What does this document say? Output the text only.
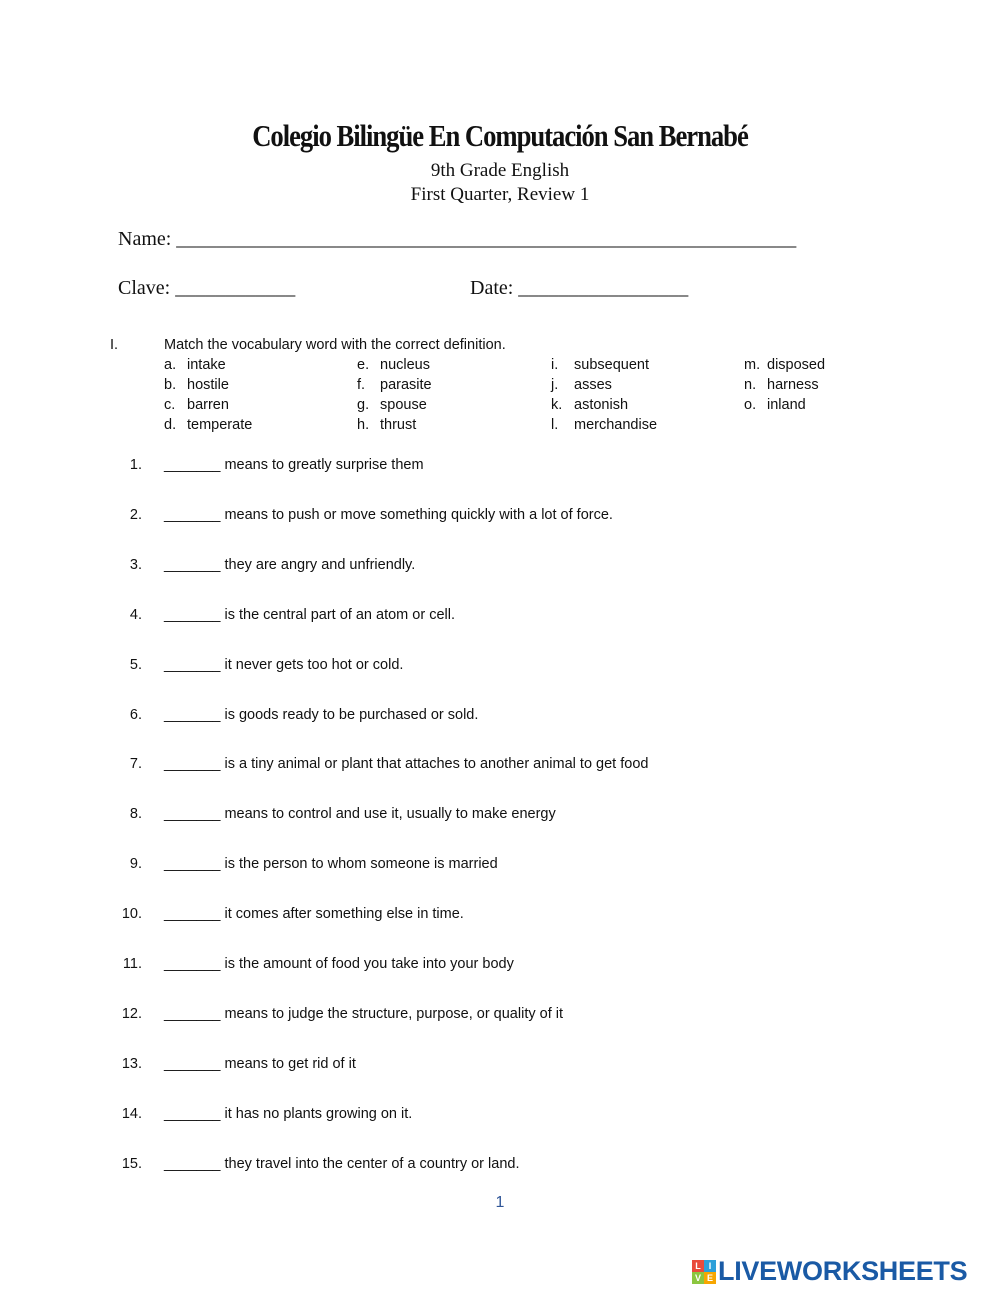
Colegio Bilingüe En Computación San Bernabé
9th Grade English
First Quarter, Review 1
Name: ______________________________________________________________
Clave: ____________	Date: _________________
I.	Match the vocabulary word with the correct definition.
a. intake
b. hostile
c. barren
d. temperate
e. nucleus
f. parasite
g. spouse
h. thrust
i. subsequent
j. asses
k. astonish
l. merchandise
m. disposed
n. harness
o. inland
1. _______ means to greatly surprise them
2. _______ means to push or move something quickly with a lot of force.
3. _______ they are angry and unfriendly.
4. _______ is the central part of an atom or cell.
5. _______ it never gets too hot or cold.
6. _______ is goods ready to be purchased or sold.
7. _______ is a tiny animal or plant that attaches to another animal to get food
8. _______ means to control and use it, usually to make energy
9. _______ is the person to whom someone is married
10. _______ it comes after something else in time.
11. _______ is the amount of food you take into your body
12. _______ means to judge the structure, purpose, or quality of it
13. _______ means to get rid of it
14. _______ it has no plants growing on it.
15. _______ they travel into the center of a country or land.
1
L I
V E LIVEWORKSHEETS
